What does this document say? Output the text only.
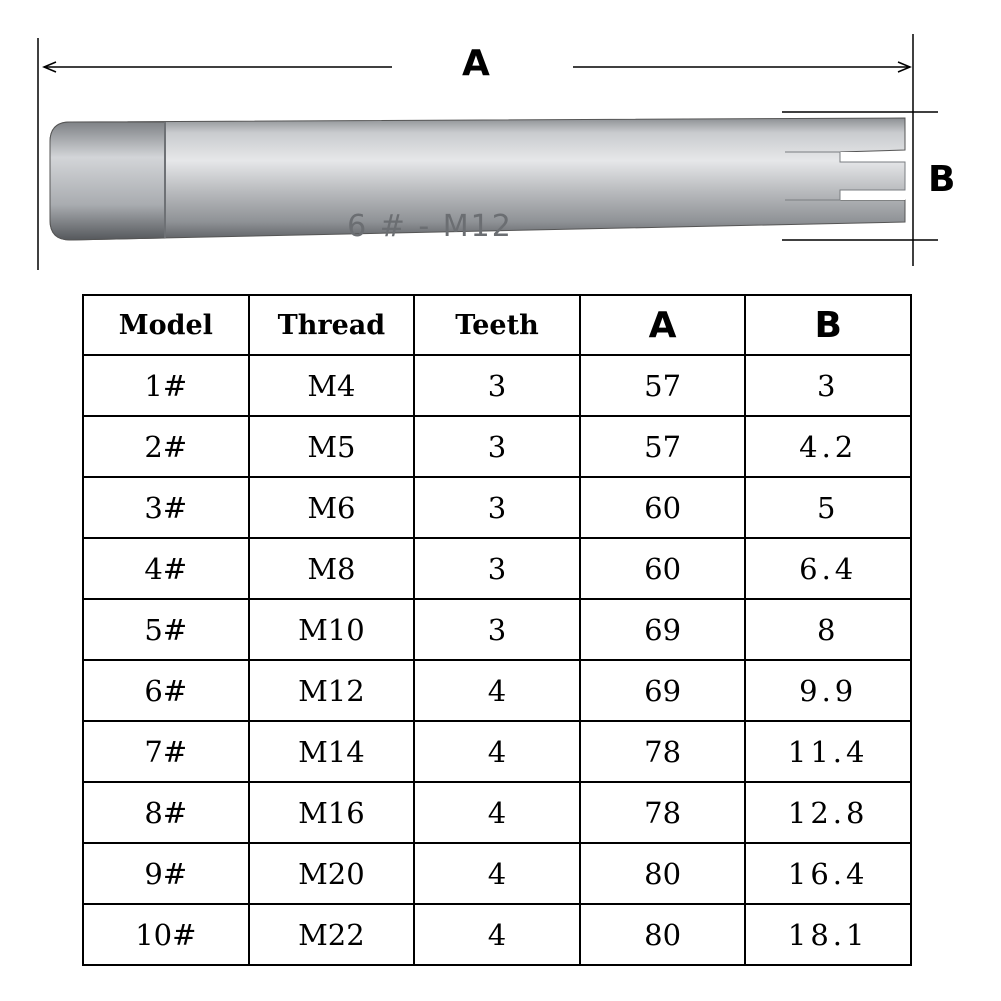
6 # - M12
A
B
Model	Thread	Teeth	A	B
1#	M4	3	57	3
2#	M5	3	57	4.2
3#	M6	3	60	5
4#	M8	3	60	6.4
5#	M10	3	69	8
6#	M12	4	69	9.9
7#	M14	4	78	11.4
8#	M16	4	78	12.8
9#	M20	4	80	16.4
10#	M22	4	80	18.1
